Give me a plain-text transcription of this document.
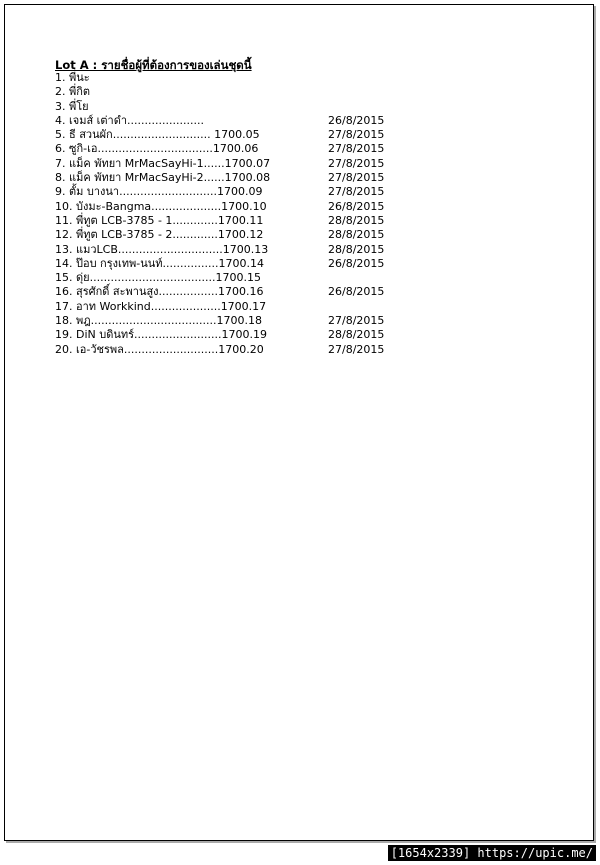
Lot A : รายชื่อผู้ที่ต้องการของเล่นชุดนี้
1. พี่นะ
2. พี่กิต
3. พี่โย
4. เจมส์ เต่าดำ......................	26/8/2015
5. ธี สวนผัก............................ 1700.05	27/8/2015
6. ซูกิ-เอ.................................1700.06	27/8/2015
7. แม็ค พัทยา MrMacSayHi-1......1700.07	27/8/2015
8. แม็ค พัทยา MrMacSayHi-2......1700.08	27/8/2015
9. ตั้ม บางนา............................1700.09	27/8/2015
10. บังมะ-Bangma....................1700.10	26/8/2015
11. พี่ทูต LCB-3785 - 1.............1700.11	28/8/2015
12. พี่ทูต LCB-3785 - 2.............1700.12	28/8/2015
13. แมวLCB..............................1700.13	28/8/2015
14. ป๊อบ กรุงเทพ-นนท์................1700.14	26/8/2015
15. ดุ่ย....................................1700.15
16. สุรศักดิ์ สะพานสูง.................1700.16	26/8/2015
17. อาท Workkind....................1700.17
18. พฎ....................................1700.18	27/8/2015
19. DiN บดินทร์.........................1700.19	28/8/2015
20. เอ-วัชรพล...........................1700.20	27/8/2015
[1654x2339] https://upic.me/
